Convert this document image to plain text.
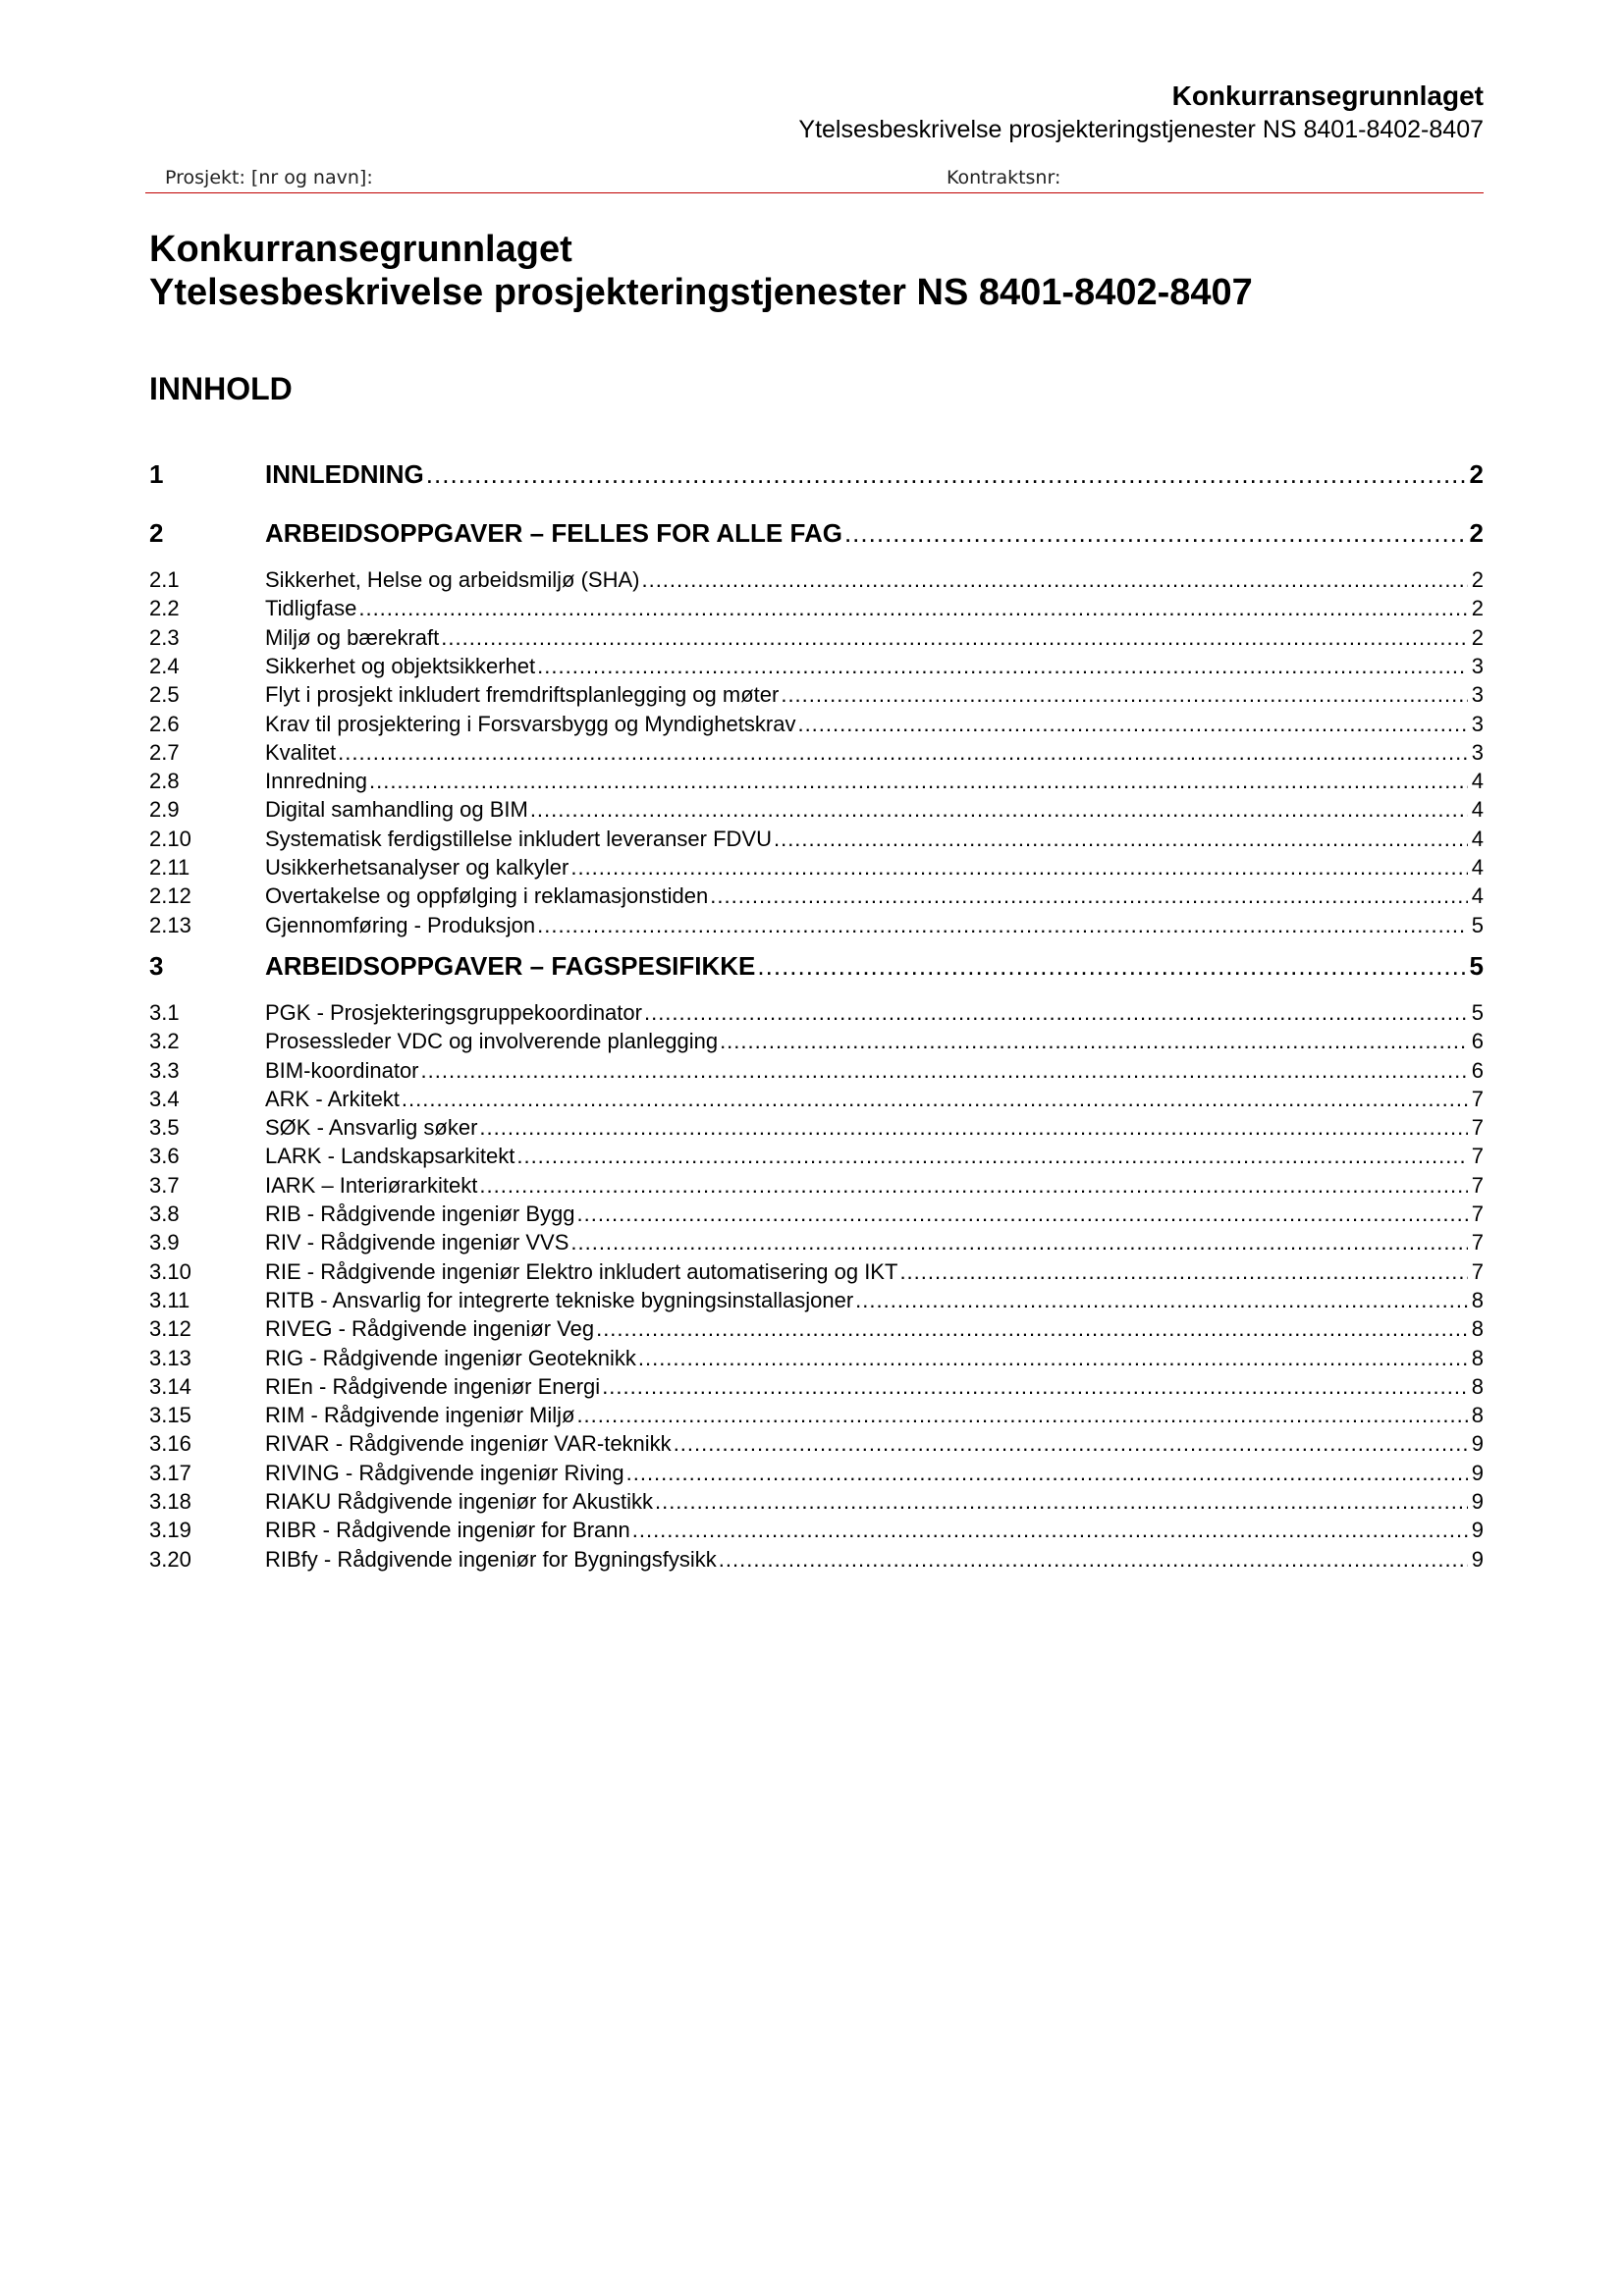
Konkurransegrunnlaget
Ytelsesbeskrivelse prosjekteringstjenester NS 8401-8402-8407
Prosjekt: [nr og navn]:	Kontraktsnr:
Konkurransegrunnlaget
Ytelsesbeskrivelse prosjekteringstjenester NS 8401-8402-8407
INNHOLD
1	INNLEDNING .....	2
2	ARBEIDSOPPGAVER – FELLES FOR ALLE FAG .....	2
2.1	Sikkerhet, Helse og arbeidsmiljø (SHA) .....	2
2.2	Tidligfase .....	2
2.3	Miljø og bærekraft .....	2
2.4	Sikkerhet og objektsikkerhet .....	3
2.5	Flyt i prosjekt inkludert fremdriftsplanlegging og møter .....	3
2.6	Krav til prosjektering i Forsvarsbygg og Myndighetskrav .....	3
2.7	Kvalitet .....	3
2.8	Innredning .....	4
2.9	Digital samhandling og BIM .....	4
2.10	Systematisk ferdigstillelse inkludert leveranser FDVU .....	4
2.11	Usikkerhetsanalyser og kalkyler .....	4
2.12	Overtakelse og oppfølging i reklamasjonstiden .....	4
2.13	Gjennomføring - Produksjon .....	5
3	ARBEIDSOPPGAVER – FAGSPESIFIKKE .....	5
3.1	PGK - Prosjekteringsgruppekoordinator .....	5
3.2	Prosessleder VDC og involverende planlegging .....	6
3.3	BIM-koordinator .....	6
3.4	ARK - Arkitekt .....	7
3.5	SØK - Ansvarlig søker .....	7
3.6	LARK - Landskapsarkitekt .....	7
3.7	IARK – Interiørarkitekt .....	7
3.8	RIB - Rådgivende ingeniør Bygg .....	7
3.9	RIV - Rådgivende ingeniør VVS .....	7
3.10	RIE - Rådgivende ingeniør Elektro inkludert automatisering og IKT .....	7
3.11	RITB - Ansvarlig for integrerte tekniske bygningsinstallasjoner .....	8
3.12	RIVEG - Rådgivende ingeniør Veg .....	8
3.13	RIG - Rådgivende ingeniør Geoteknikk .....	8
3.14	RIEn - Rådgivende ingeniør Energi .....	8
3.15	RIM - Rådgivende ingeniør Miljø .....	8
3.16	RIVAR - Rådgivende ingeniør VAR-teknikk .....	9
3.17	RIVING - Rådgivende ingeniør Riving .....	9
3.18	RIAKU Rådgivende ingeniør for Akustikk .....	9
3.19	RIBR - Rådgivende ingeniør for Brann .....	9
3.20	RIBfy - Rådgivende ingeniør for Bygningsfysikk .....	9
